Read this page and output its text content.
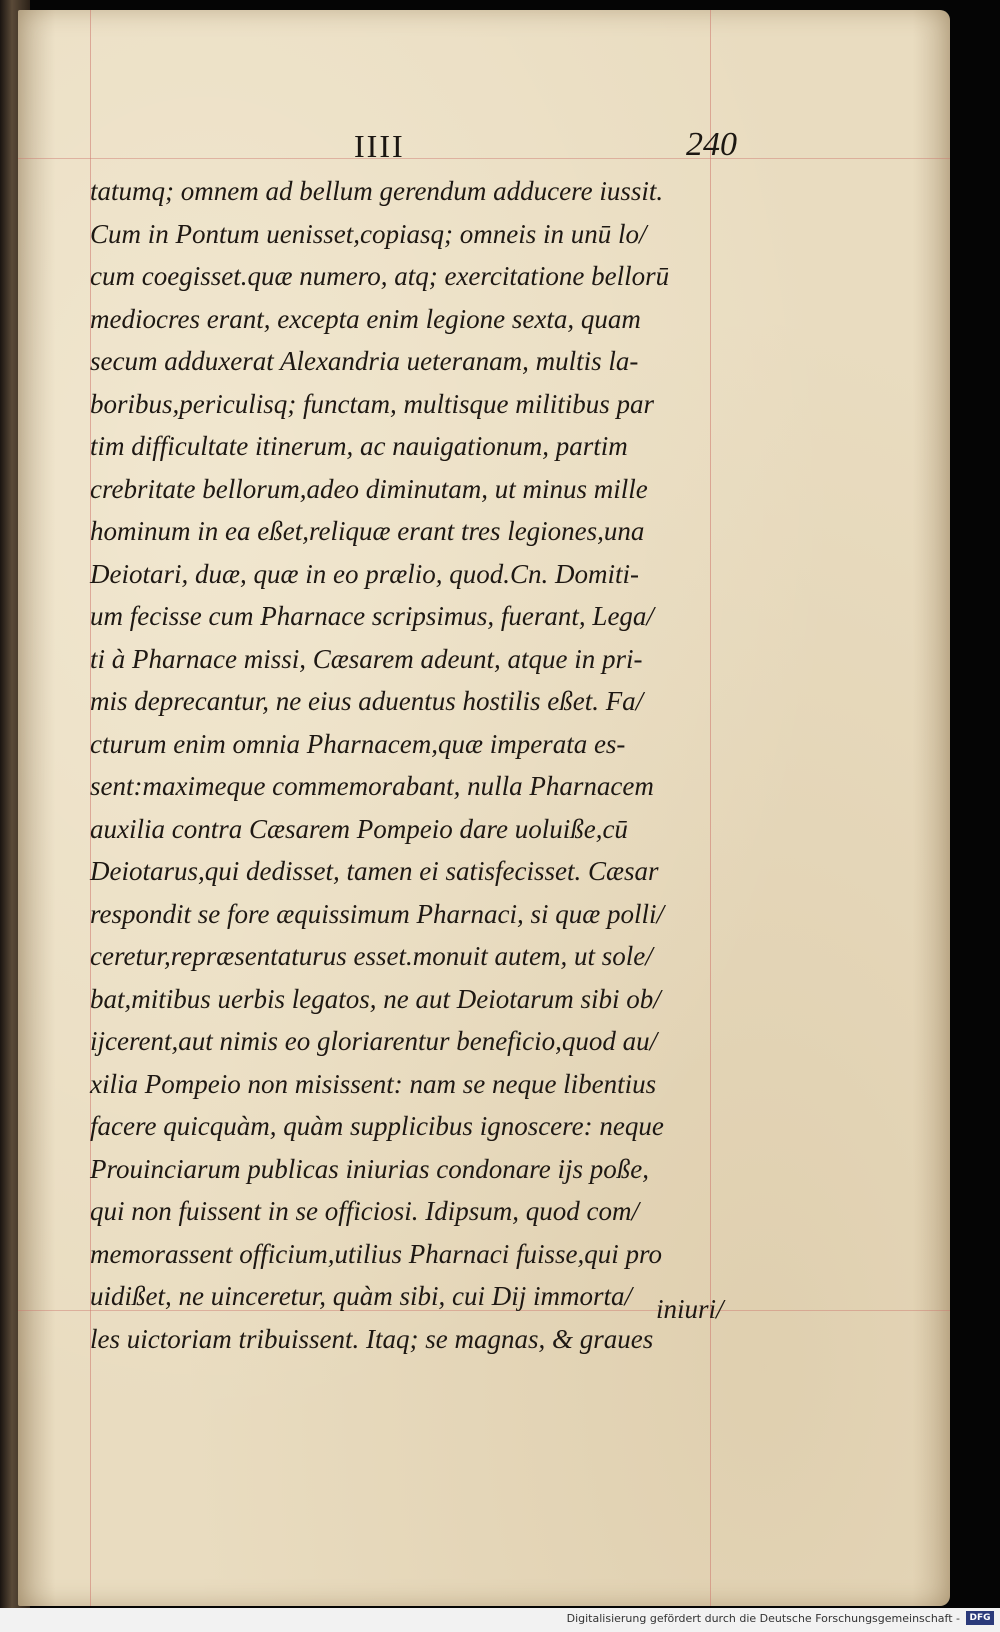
IIII	240
tatumq; omnem ad bellum gerendum adducere iussit.
Cum in Pontum uenisset,copiasq; omneis in unū lo/
cum coegisset.quæ numero, atq; exercitatione bellorū
mediocres erant, excepta enim legione sexta, quam
secum adduxerat Alexandria ueteranam, multis la-
boribus,periculisq; functam, multisque militibus par
tim difficultate itinerum, ac nauigationum, partim
crebritate bellorum,adeo diminutam, ut minus mille
hominum in ea eßet,reliquæ erant tres legiones,una
Deiotari, duæ, quæ in eo prælio, quod.Cn. Domiti-
um fecisse cum Pharnace scripsimus, fuerant, Lega/
ti à Pharnace missi, Cæsarem adeunt, atque in pri-
mis deprecantur, ne eius aduentus hostilis eßet. Fa/
cturum enim omnia Pharnacem,quæ imperata es-
sent:maximeque commemorabant, nulla Pharnacem
auxilia contra Cæsarem Pompeio dare uoluiße,cū
Deiotarus,qui dedisset, tamen ei satisfecisset. Cæsar
respondit se fore æquissimum Pharnaci, si quæ polli/
ceretur,repræsentaturus esset.monuit autem, ut sole/
bat,mitibus uerbis legatos, ne aut Deiotarum sibi ob/
ijcerent,aut nimis eo gloriarentur beneficio,quod au/
xilia Pompeio non misissent: nam se neque libentius
facere quicquàm, quàm supplicibus ignoscere: neque
Prouinciarum publicas iniurias condonare ijs poße,
qui non fuissent in se officiosi. Idipsum, quod com/
memorassent officium,utilius Pharnaci fuisse,qui pro
uidißet, ne uinceretur, quàm sibi, cui Dij immorta/
les uictoriam tribuissent. Itaq; se magnas, & graues
iniuri/
Digitalisierung gefördert durch die Deutsche Forschungsgemeinschaft -	DFG
